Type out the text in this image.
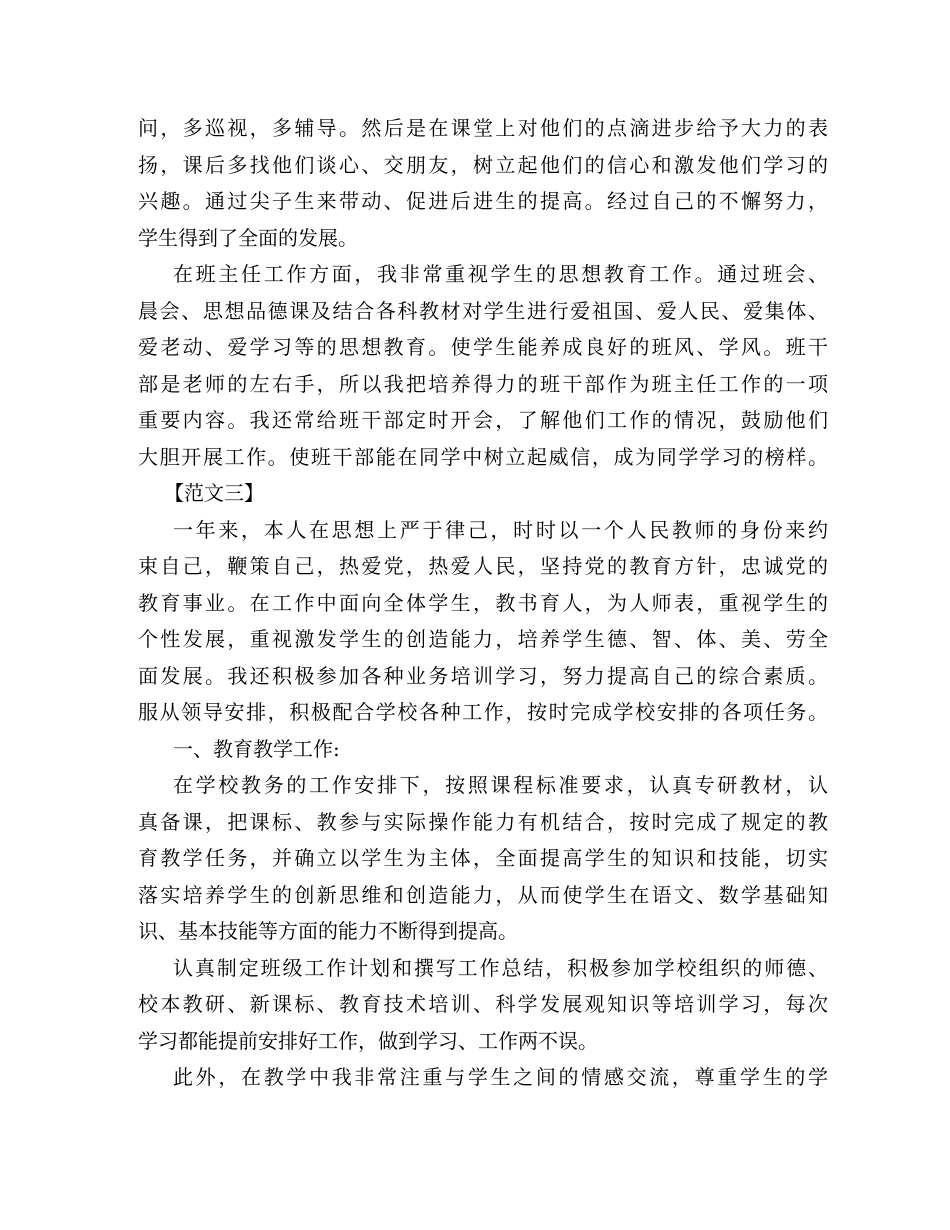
问，多巡视，多辅导。然后是在课堂上对他们的点滴进步给予大力的表
扬，课后多找他们谈心、交朋友，树立起他们的信心和激发他们学习的
兴趣。通过尖子生来带动、促进后进生的提高。经过自己的不懈努力，
学生得到了全面的发展。
在班主任工作方面，我非常重视学生的思想教育工作。通过班会、
晨会、思想品德课及结合各科教材对学生进行爱祖国、爱人民、爱集体、
爱老动、爱学习等的思想教育。使学生能养成良好的班风、学风。班干
部是老师的左右手，所以我把培养得力的班干部作为班主任工作的一项
重要内容。我还常给班干部定时开会，了解他们工作的情况，鼓励他们
大胆开展工作。使班干部能在同学中树立起威信，成为同学学习的榜样。
【范文三】
一年来，本人在思想上严于律己，时时以一个人民教师的身份来约
束自己，鞭策自己，热爱党，热爱人民，坚持党的教育方针，忠诚党的
教育事业。在工作中面向全体学生，教书育人，为人师表，重视学生的
个性发展，重视激发学生的创造能力，培养学生德、智、体、美、劳全
面发展。我还积极参加各种业务培训学习，努力提高自己的综合素质。
服从领导安排，积极配合学校各种工作，按时完成学校安排的各项任务。
一、教育教学工作:
在学校教务的工作安排下，按照课程标准要求，认真专研教材，认
真备课，把课标、教参与实际操作能力有机结合，按时完成了规定的教
育教学任务，并确立以学生为主体，全面提高学生的知识和技能，切实
落实培养学生的创新思维和创造能力，从而使学生在语文、数学基础知
识、基本技能等方面的能力不断得到提高。
认真制定班级工作计划和撰写工作总结，积极参加学校组织的师德、
校本教研、新课标、教育技术培训、科学发展观知识等培训学习，每次
学习都能提前安排好工作，做到学习、工作两不误。
此外，在教学中我非常注重与学生之间的情感交流，尊重学生的学
